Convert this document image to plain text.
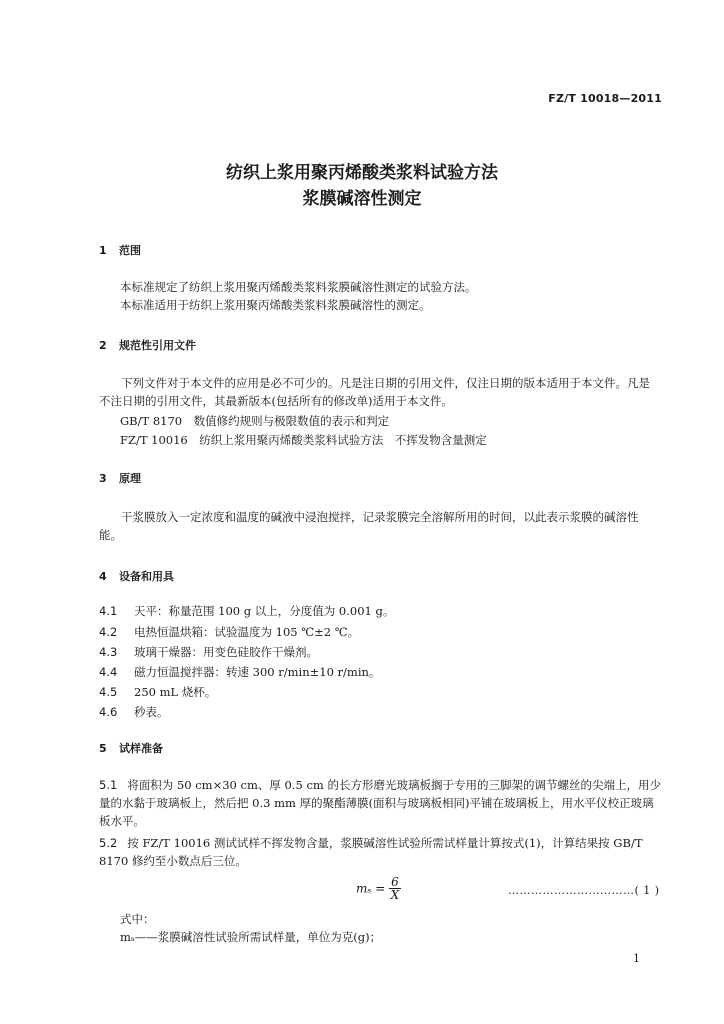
FZ/T 10018—2011
纺织上浆用聚丙烯酸类浆料试验方法
浆膜碱溶性测定
1 范围
本标准规定了纺织上浆用聚丙烯酸类浆料浆膜碱溶性测定的试验方法。
本标准适用于纺织上浆用聚丙烯酸类浆料浆膜碱溶性的测定。
2 规范性引用文件
下列文件对于本文件的应用是必不可少的。凡是注日期的引用文件，仅注日期的版本适用于本文件。凡是不注日期的引用文件，其最新版本(包括所有的修改单)适用于本文件。
GB/T 8170　数值修约规则与极限数值的表示和判定
FZ/T 10016　纺织上浆用聚丙烯酸类浆料试验方法　不挥发物含量测定
3 原理
干浆膜放入一定浓度和温度的碱液中浸泡搅拌，记录浆膜完全溶解所用的时间，以此表示浆膜的碱溶性能。
4 设备和用具
4.1 天平：称量范围 100 g 以上，分度值为 0.001 g。
4.2 电热恒温烘箱：试验温度为 105 ℃±2 ℃。
4.3 玻璃干燥器：用变色硅胶作干燥剂。
4.4 磁力恒温搅拌器：转速 300 r/min±10 r/min。
4.5 250 mL 烧杯。
4.6 秒表。
5 试样准备
5.1 将面积为 50 cm×30 cm、厚 0.5 cm 的长方形磨光玻璃板搁于专用的三脚架的调节螺丝的尖端上，用少量的水黏于玻璃板上，然后把 0.3 mm 厚的聚酯薄膜(面积与玻璃板相同)平铺在玻璃板上，用水平仪校正玻璃板水平。
5.2 按 FZ/T 10016 测试试样不挥发物含量，浆膜碱溶性试验所需试样量计算按式(1)，计算结果按 GB/T 8170 修约至小数点后三位。
$m_s = \frac{6}{X}$	……………………………( 1 )
式中：
mₛ——浆膜碱溶性试验所需试样量，单位为克(g)；
1
